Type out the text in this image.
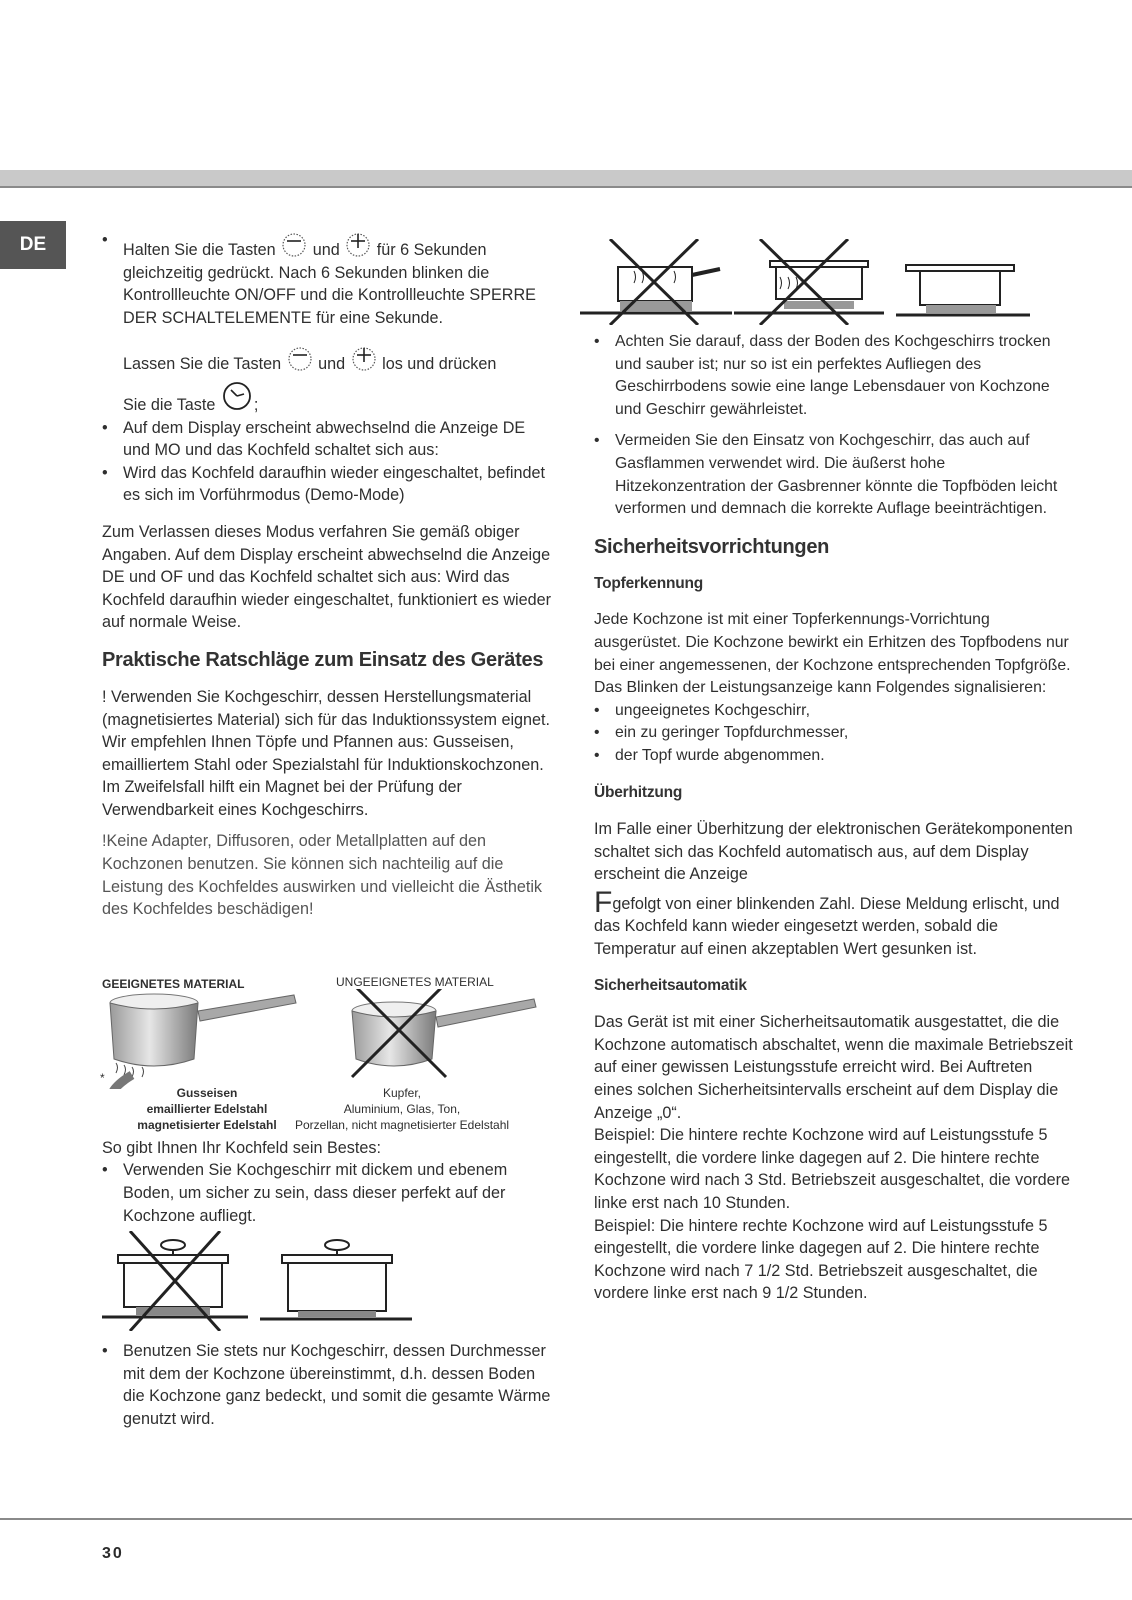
DE
•	Halten Sie die Tasten und für 6 Sekunden gleichzeitig gedrückt. Nach 6 Sekunden blinken die Kontrollleuchte ON/OFF und die Kontrollleuchte SPERRE DER SCHALTELEMENTE für eine Sekunde.
Lassen Sie die Tasten und los und drücken
Sie die Taste ;
• Auf dem Display erscheint abwechselnd die Anzeige DE und MO und das Kochfeld schaltet sich aus:
• Wird das Kochfeld daraufhin wieder eingeschaltet, befindet es sich im Vorführmodus (Demo-Mode)

Zum Verlassen dieses Modus verfahren Sie gemäß obiger Angaben. Auf dem Display erscheint abwechselnd die Anzeige DE und OF und das Kochfeld schaltet sich aus: Wird das Kochfeld daraufhin wieder eingeschaltet, funktioniert es wieder auf normale Weise.

Praktische Ratschläge zum Einsatz des Gerätes

! Verwenden Sie Kochgeschirr, dessen Herstellungsmaterial (magnetisiertes Material) sich für das Induktionssystem eignet. Wir empfehlen Ihnen Töpfe und Pfannen aus: Gusseisen, emailliertem Stahl oder Spezialstahl für Induktionskochzonen. Im Zweifelsfall hilft ein Magnet bei der Prüfung der Verwendbarkeit eines Kochgeschirrs.

!Keine Adapter, Diffusoren, oder Metallplatten auf den Kochzonen benutzen. Sie können sich nachteilig auf die Leistung des Kochfeldes auswirken und vielleicht die Ästhetik des Kochfeldes beschädigen!

GEEIGNETES MATERIAL	UNGEEIGNETES MATERIAL
*
Gusseisen
emaillierter Edelstahl
magnetisierter Edelstahl
Kupfer,
Aluminium, Glas, Ton,
Porzellan, nicht magnetisierter Edelstahl

So gibt Ihnen Ihr Kochfeld sein Bestes:

• Verwenden Sie Kochgeschirr mit dickem und ebenem Boden, um sicher zu sein, dass dieser perfekt auf der Kochzone aufliegt.
• Benutzen Sie stets nur Kochgeschirr, dessen Durchmesser mit dem der Kochzone übereinstimmt, d.h. dessen Boden die Kochzone ganz bedeckt, und somit die gesamte Wärme genutzt wird.
• Achten Sie darauf, dass der Boden des Kochgeschirrs trocken und sauber ist; nur so ist ein perfektes Aufliegen des Geschirrbodens sowie eine lange Lebensdauer von Kochzone und Geschirr gewährleistet.
• Vermeiden Sie den Einsatz von Kochgeschirr, das auch auf Gasflammen verwendet wird. Die äußerst hohe Hitzekonzentration der Gasbrenner könnte die Topfböden leicht verformen und demnach die korrekte Auflage beeinträchtigen.
Sicherheitsvorrichtungen
Topferkennung

Jede Kochzone ist mit einer Topferkennungs-Vorrichtung ausgerüstet. Die Kochzone bewirkt ein Erhitzen des Topfbodens nur bei einer angemessenen, der Kochzone entsprechenden Topfgröße. Das Blinken der Leistungsanzeige kann Folgendes signalisieren:

• ungeeignetes Kochgeschirr,
• ein zu geringer Topfdurchmesser,
• der Topf wurde abgenommen.
Überhitzung

Im Falle einer Überhitzung der elektronischen Gerätekomponenten schaltet sich das Kochfeld automatisch aus, auf dem Display erscheint die Anzeige

Fgefolgt von einer blinkenden Zahl. Diese Meldung erlischt, und das Kochfeld kann wieder eingesetzt werden, sobald die Temperatur auf einen akzeptablen Wert gesunken ist.

Sicherheitsautomatik

Das Gerät ist mit einer Sicherheitsautomatik ausgestattet, die die Kochzone automatisch abschaltet, wenn die maximale Betriebszeit auf einer gewissen Leistungsstufe erreicht wird. Bei Auftreten eines solchen Sicherheitsintervalls erscheint auf dem Display die Anzeige „0“.

Beispiel: Die hintere rechte Kochzone wird auf Leistungsstufe 5 eingestellt, die vordere linke dagegen auf 2. Die hintere rechte Kochzone wird nach 3 Std. Betriebszeit ausgeschaltet, die vordere linke erst nach 10 Stunden.

Beispiel: Die hintere rechte Kochzone wird auf Leistungsstufe 5 eingestellt, die vordere linke dagegen auf 2. Die hintere rechte Kochzone wird nach 7 1/2 Std. Betriebszeit ausgeschaltet, die vordere linke erst nach 9 1/2 Stunden.

30
